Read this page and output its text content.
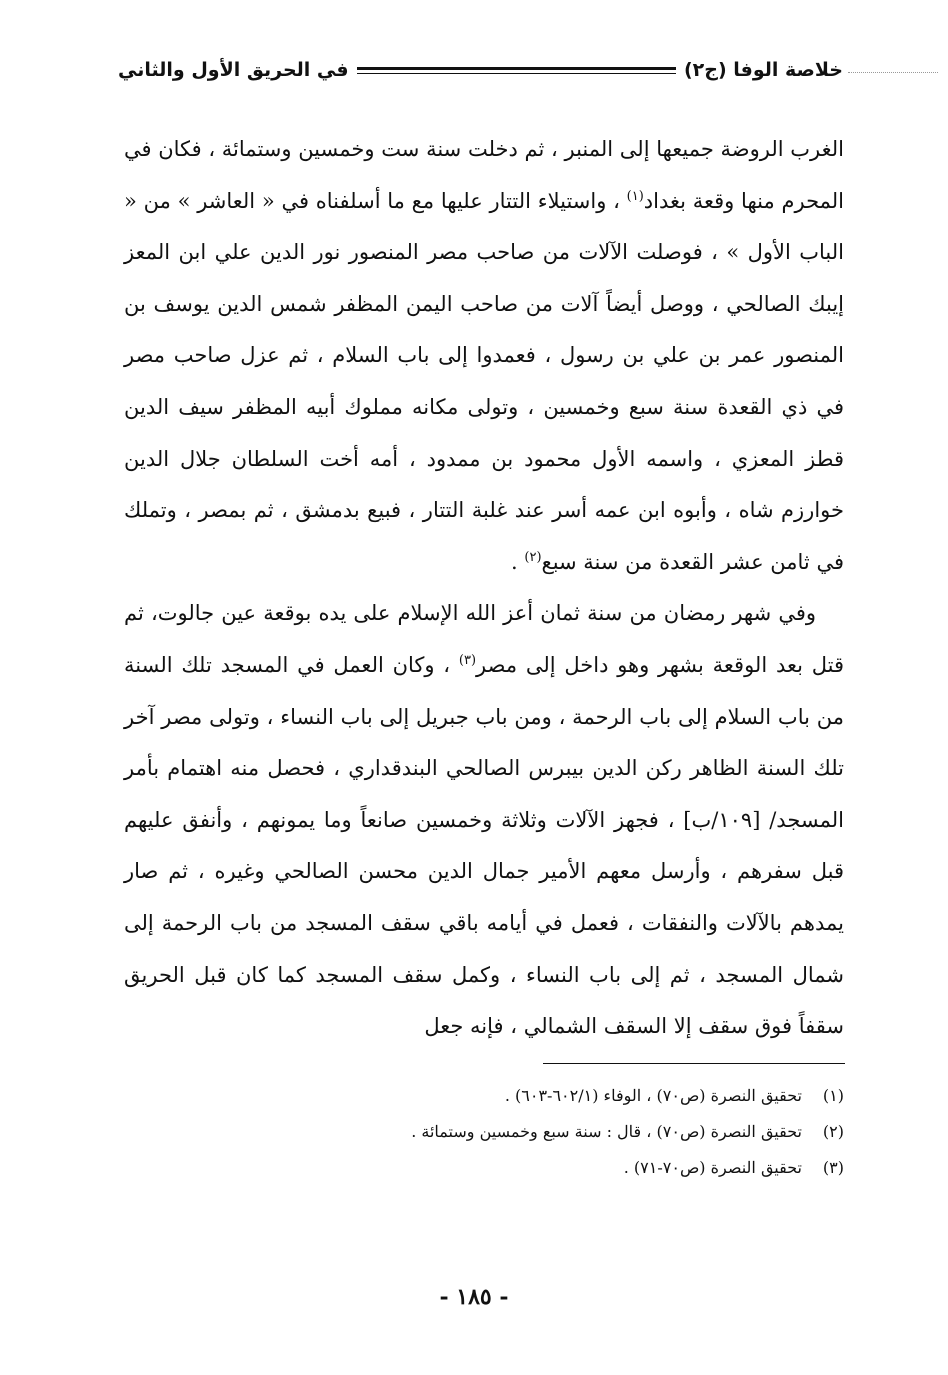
خلاصة الوفا (ج٢)
في الحريق الأول والثاني

الغرب الروضة جميعها إلى المنبر ، ثم دخلت سنة ست وخمسين وستمائة ، فكان في المحرم منها وقعة بغداد$^{(١)}$ ، واستيلاء التتار عليها مع ما أسلفناه في « العاشر » من « الباب الأول » ، فوصلت الآلات من صاحب مصر المنصور نور الدين علي ابن المعز إيبك الصالحي ، ووصل أيضاً آلات من صاحب اليمن المظفر شمس الدين يوسف بن المنصور عمر بن علي بن رسول ، فعمدوا إلى باب السلام ، ثم عزل صاحب مصر في ذي القعدة سنة سبع وخمسين ، وتولى مكانه مملوك أبيه المظفر سيف الدين قطز المعزي ، واسمه الأول محمود بن ممدود ، أمه أخت السلطان جلال الدين خوارزم شاه ، وأبوه ابن عمه أسر عند غلبة التتار ، فبيع بدمشق ، ثم بمصر ، وتملك في ثامن عشر القعدة من سنة سبع$^{(٢)}$ .

وفي شهر رمضان من سنة ثمان أعز الله الإسلام على يده بوقعة عين جالوت، ثم قتل بعد الوقعة بشهر وهو داخل إلى مصر$^{(٣)}$ ، وكان العمل في المسجد تلك السنة من باب السلام إلى باب الرحمة ، ومن باب جبريل إلى باب النساء ، وتولى مصر آخر تلك السنة الظاهر ركن الدين بيبرس الصالحي البندقداري ، فحصل منه اهتمام بأمر المسجد/ [١٠٩/ب] ، فجهز الآلات وثلاثة وخمسين صانعاً وما يمونهم ، وأنفق عليهم قبل سفرهم ، وأرسل معهم الأمير جمال الدين محسن الصالحي وغيره ، ثم صار يمدهم بالآلات والنفقات ، فعمل في أيامه باقي سقف المسجد من باب الرحمة إلى شمال المسجد ، ثم إلى باب النساء ، وكمل سقف المسجد كما كان قبل الحريق سقفاً فوق سقف إلا السقف الشمالي ، فإنه جعل

(١)
تحقيق النصرة (ص٧٠) ، الوفاء (٦٠٢/١-٦٠٣) .
(٢)
تحقيق النصرة (ص٧٠) ، قال : سنة سبع وخمسين وستمائة .
(٣)
تحقيق النصرة (ص٧٠-٧١) .
- ١٨٥ -
